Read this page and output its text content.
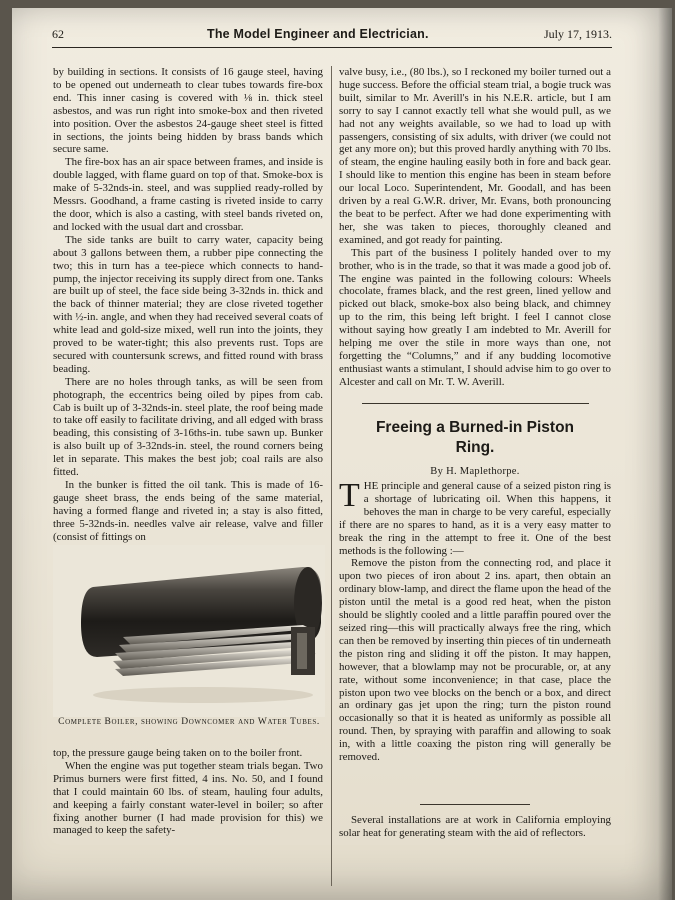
62	The Model Engineer and Electrician.	July 17, 1913.

by building in sections. It consists of 16 gauge steel, having to be opened out underneath to clear tubes towards fire-box end. This inner casing is covered with ⅛ in. thick steel asbestos, and was run right into smoke-box and then riveted into position. Over the asbestos 24-gauge sheet steel is fitted in sections, the joints being hidden by brass bands which secure same.

The fire-box has an air space between frames, and inside is double lagged, with flame guard on top of that. Smoke-box is make of 5-32nds-in. steel, and was supplied ready-rolled by Messrs. Goodhand, a frame casting is riveted inside to carry the door, which is also a casting, with steel bands riveted on, and locked with the usual dart and crossbar.

The side tanks are built to carry water, capacity being about 3 gallons between them, a rubber pipe connecting the two; this in turn has a tee-piece which connects to hand-pump, the injector receiving its supply direct from one. Tanks are built up of steel, the face side being 3-32nds in. thick and the back of thinner material; they are close riveted together with ½-in. angle, and when they had received several coats of white lead and gold-size mixed, well run into the joints, they proved to be water-tight; this also prevents rust. Tops are secured with countersunk screws, and fitted round with brass beading.

There are no holes through tanks, as will be seen from photograph, the eccentrics being oiled by pipes from cab. Cab is built up of 3-32nds-in. steel plate, the roof being made to take off easily to facilitate driving, and all edged with brass beading, this consisting of 3-16ths-in. tube sawn up. Bunker is also built up of 3-32nds-in. steel, the round corners being let in separate. This makes the best job; coal rails are also fitted.

In the bunker is fitted the oil tank. This is made of 16-gauge sheet brass, the ends being of the same material, having a formed flange and riveted in; a stay is also fitted, three 5-32nds-in. needles valve air release, valve and filler (consist of fittings on

Complete Boiler, showing Downcomer and Water Tubes.

top, the pressure gauge being taken on to the boiler front.

When the engine was put together steam trials began. Two Primus burners were first fitted, 4 ins. No. 50, and I found that I could maintain 60 lbs. of steam, hauling four adults, and keeping a fairly constant water-level in boiler; so after fixing another burner (I had made provision for this) we managed to keep the safety-

valve busy, i.e., (80 lbs.), so I reckoned my boiler turned out a huge success. Before the official steam trial, a bogie truck was built, similar to Mr. Averill's in his N.E.R. article, but I am sorry to say I cannot exactly tell what she would pull, as we had not any weights available, so we had to load up with passengers, consisting of six adults, with driver (we could not get any more on); but this proved hardly anything with 70 lbs. of steam, the engine hauling easily both in fore and back gear. I should like to mention this engine has been in steam before our local Loco. Superintendent, Mr. Goodall, and has been driven by a real G.W.R. driver, Mr. Evans, both pronouncing the beat to be perfect. After we had done experimenting with her, she was taken to pieces, thoroughly cleaned and examined, and got ready for painting.

This part of the business I politely handed over to my brother, who is in the trade, so that it was made a good job of. The engine was painted in the following colours: Wheels chocolate, frames black, and the rest green, lined yellow and picked out black, smoke-box also being black, and chimney up to the rim, this being left bright. I feel I cannot close without saying how greatly I am indebted to Mr. Averill for helping me over the stile in more ways than one, not forgetting the “Columns,” and if any budding locomotive enthusiast wants a stimulant, I should advise him to go over to Alcester and call on Mr. T. W. Averill.

Freeing a Burned-in Piston
Ring.
By H. Maplethorpe.

THE principle and general cause of a seized piston ring is a shortage of lubricating oil. When this happens, it behoves the man in charge to be very careful, especially if there are no spares to hand, as it is a very easy matter to break the ring in the attempt to free it. One of the best methods is the following :—

Remove the piston from the connecting rod, and place it upon two pieces of iron about 2 ins. apart, then obtain an ordinary blow-lamp, and direct the flame upon the head of the piston until the metal is a good red heat, when the piston should be slightly cooled and a little paraffin poured over the seized ring—this will practically always free the ring, which can then be removed by inserting thin pieces of tin underneath the piston ring and sliding it off the piston. It may happen, however, that a blowlamp may not be procurable, or, at any rate, without some inconvenience; in that case, place the piston upon two vee blocks on the bench or a box, and direct an ordinary gas jet upon the ring; turn the piston round occasionally so that it is heated as uniformly as possible all round. Then, by spraying with paraffin and allowing to soak in, with a little coaxing the piston ring will generally be removed.

Several installations are at work in California employing solar heat for generating steam with the aid of reflectors.
